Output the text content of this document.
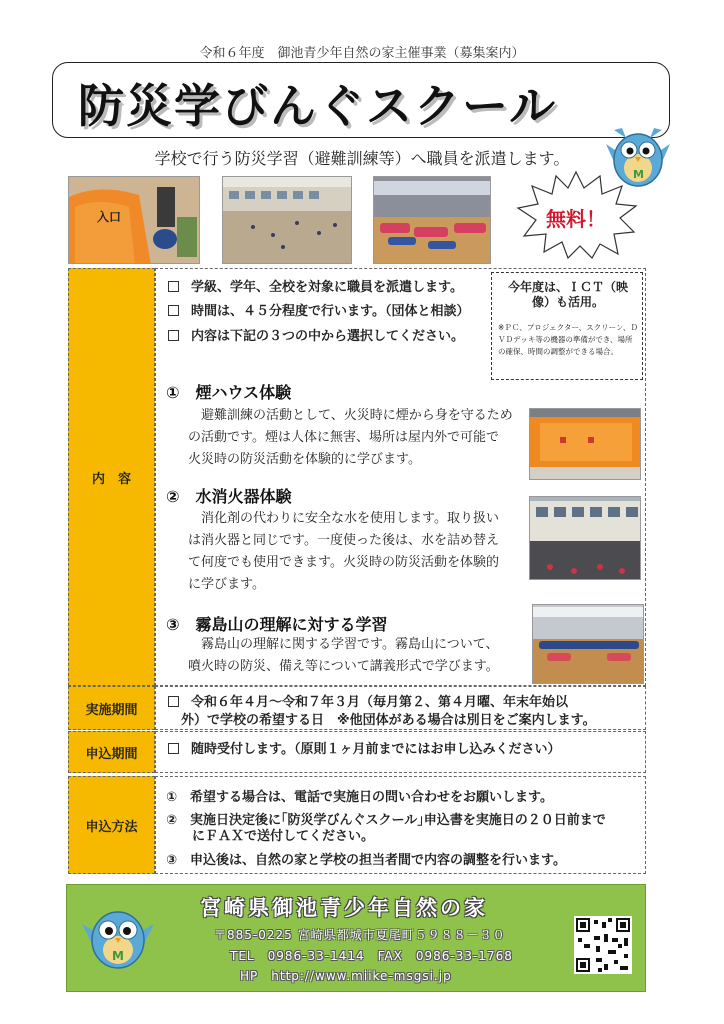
令和６年度　御池青少年自然の家主催事業（募集案内）
防災学びんぐスクール
M
学校で行う防災学習（避難訓練等）へ職員を派遣します。
入口	無料！
内　容
学級、学年、全校を対象に職員を派遣します。
時間は、４５分程度で行います。（団体と相談）
内容は下記の３つの中から選択してください。
今年度は、ＩＣＴ（映像）も活用。
※ＰＣ、プロジェクター、スクリーン、ＤＶＤデッキ等の機器の準備ができ、場所の確保、時間の調整ができる場合。
①　煙ハウス体験
　避難訓練の活動として、火災時に煙から身を守るため
の活動です。煙は人体に無害、場所は屋内外で可能で
火災時の防災活動を体験的に学びます。
②　水消火器体験
　消化剤の代わりに安全な水を使用します。取り扱い
は消火器と同じです。一度使った後は、水を詰め替え
て何度でも使用できます。火災時の防災活動を体験的
に学びます。
③　霧島山の理解に対する学習
　霧島山の理解に関する学習です。霧島山について、
噴火時の防災、備え等について講義形式で学びます。
実施期間	令和６年４月～令和７年３月（毎月第２、第４月曜、年末年始以
外）で学校の希望する日　※他団体がある場合は別日をご案内します。
申込期間	随時受付します。（原則１ヶ月前までにはお申し込みください）
申込方法
①　希望する場合は、電話で実施日の問い合わせをお願いします。
②　実施日決定後に｢防災学びんぐスクール｣申込書を実施日の２０日前まで
　　にＦＡＸで送付してください。
③　申込後は、自然の家と学校の担当者間で内容の調整を行います。
M
宮崎県御池青少年自然の家
〒885-0225 宮崎県都城市夏尾町５９８８－３０
TEL　0986-33-1414　FAX　0986-33-1768
HP　http://www.miike-msgsi.jp
